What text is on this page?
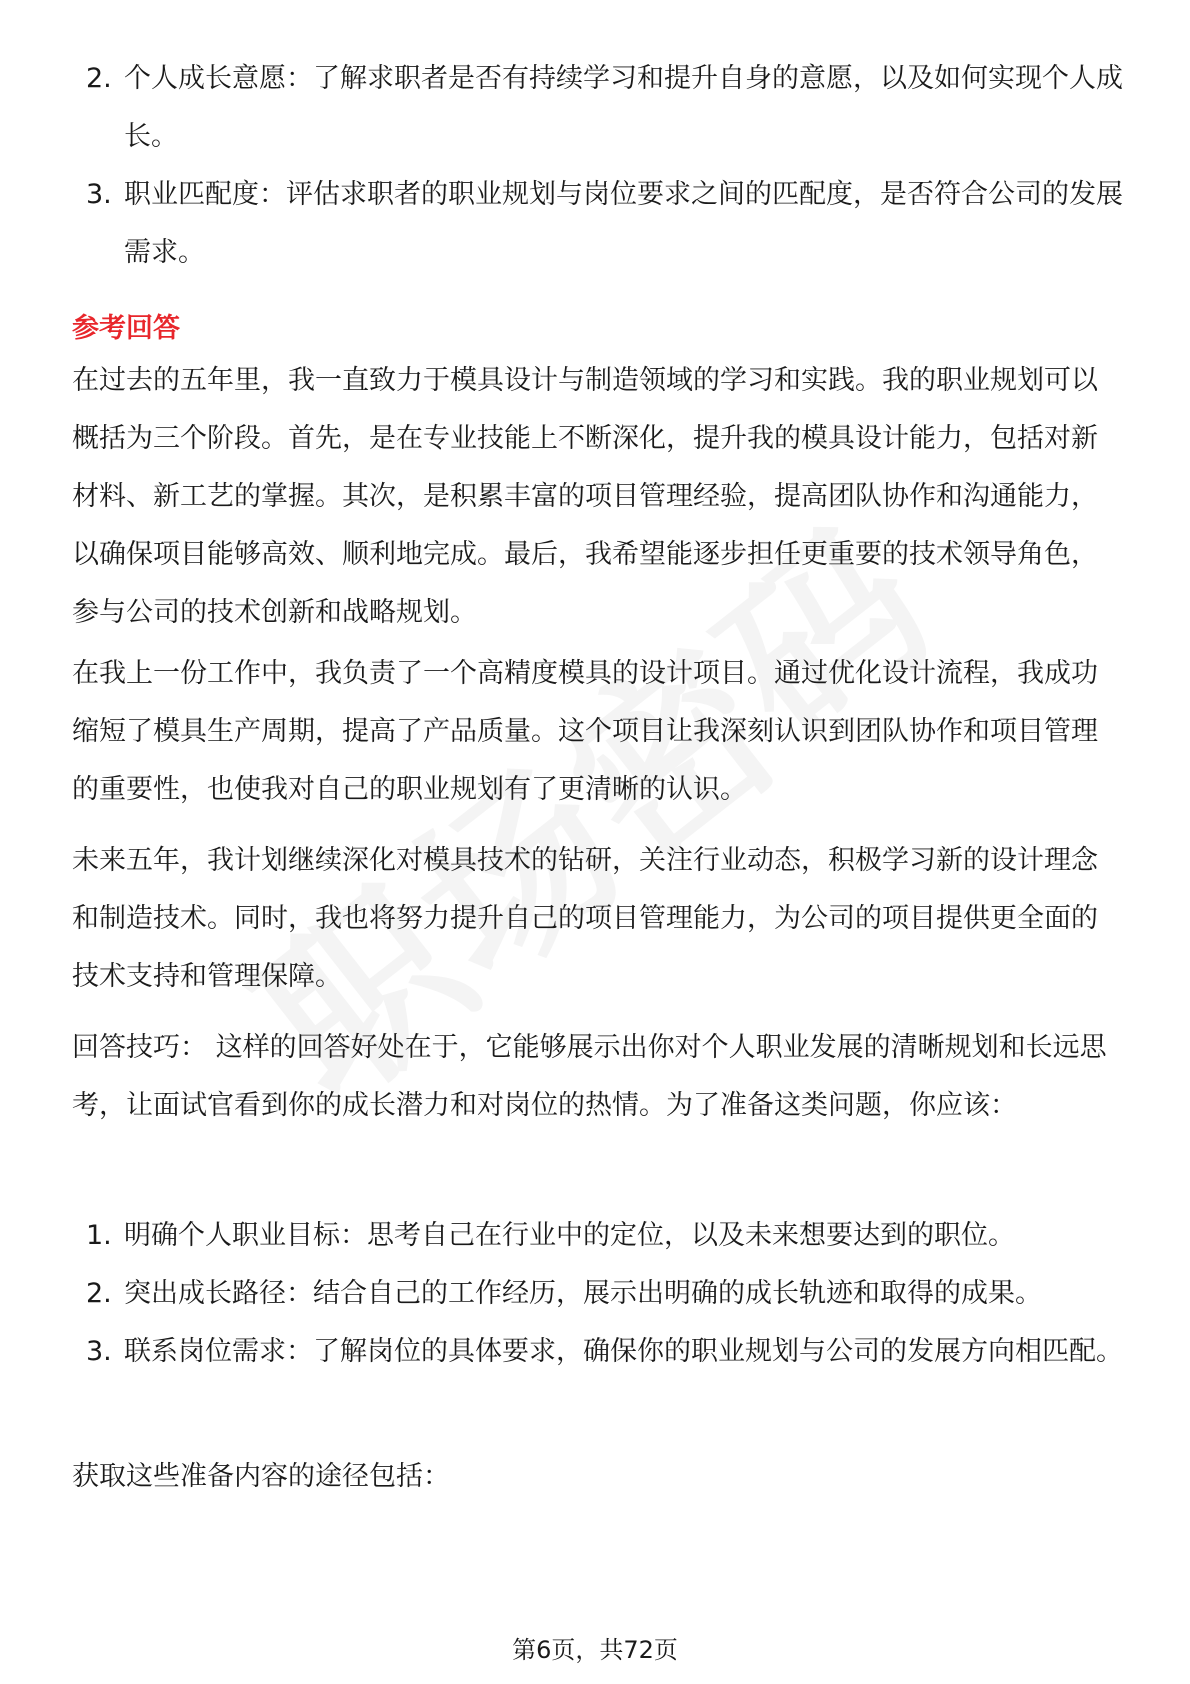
2. 个人成长意愿：了解求职者是否有持续学习和提升自身的意愿，以及如何实现个人成长。
3. 职业匹配度：评估求职者的职业规划与岗位要求之间的匹配度，是否符合公司的发展需求。
参考回答

在过去的五年里，我一直致力于模具设计与制造领域的学习和实践。我的职业规划可以概括为三个阶段。首先，是在专业技能上不断深化，提升我的模具设计能力，包括对新材料、新工艺的掌握。其次，是积累丰富的项目管理经验，提高团队协作和沟通能力，以确保项目能够高效、顺利地完成。最后，我希望能逐步担任更重要的技术领导角色，参与公司的技术创新和战略规划。

在我上一份工作中，我负责了一个高精度模具的设计项目。通过优化设计流程，我成功缩短了模具生产周期，提高了产品质量。这个项目让我深刻认识到团队协作和项目管理的重要性，也使我对自己的职业规划有了更清晰的认识。

未来五年，我计划继续深化对模具技术的钻研，关注行业动态，积极学习新的设计理念和制造技术。同时，我也将努力提升自己的项目管理能力，为公司的项目提供更全面的技术支持和管理保障。

回答技巧： 这样的回答好处在于，它能够展示出你对个人职业发展的清晰规划和长远思考，让面试官看到你的成长潜力和对岗位的热情。为了准备这类问题，你应该：

1. 明确个人职业目标：思考自己在行业中的定位，以及未来想要达到的职位。
2. 突出成长路径：结合自己的工作经历，展示出明确的成长轨迹和取得的成果。
3. 联系岗位需求：了解岗位的具体要求，确保你的职业规划与公司的发展方向相匹配。

获取这些准备内容的途径包括：

第6页，共72页
